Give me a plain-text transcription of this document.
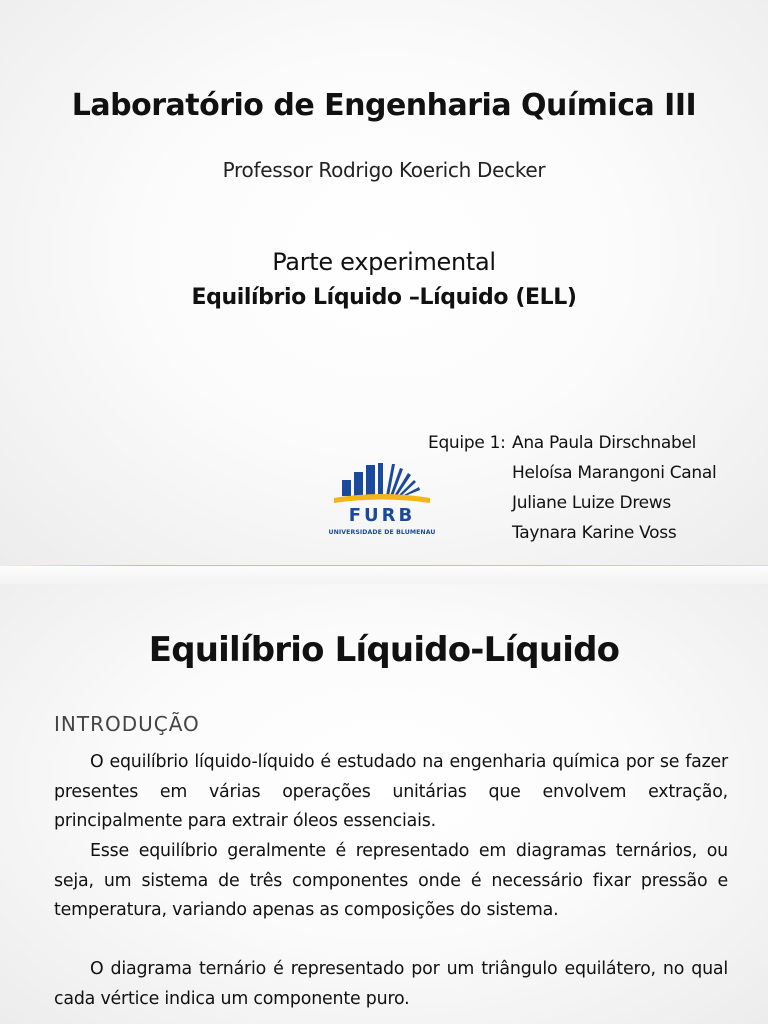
Laboratório de Engenharia Química III
Professor Rodrigo Koerich Decker
Parte experimental
Equilíbrio Líquido –Líquido (ELL)
Equipe 1: Ana Paula Dirschnabel
Heloísa Marangoni Canal
Juliane Luize Drews
Taynara Karine Voss
FURB
UNIVERSIDADE DE BLUMENAU
Equilíbrio Líquido-Líquido
INTRODUÇÃO
O equilíbrio líquido-líquido é estudado na engenharia química por se fazer presentes em várias operações unitárias que envolvem extração, principalmente para extrair óleos essenciais.
Esse equilíbrio geralmente é representado em diagramas ternários, ou seja, um sistema de três componentes onde é necessário fixar pressão e temperatura, variando apenas as composições do sistema.
O diagrama ternário é representado por um triângulo equilátero, no qual cada vértice indica um componente puro.
